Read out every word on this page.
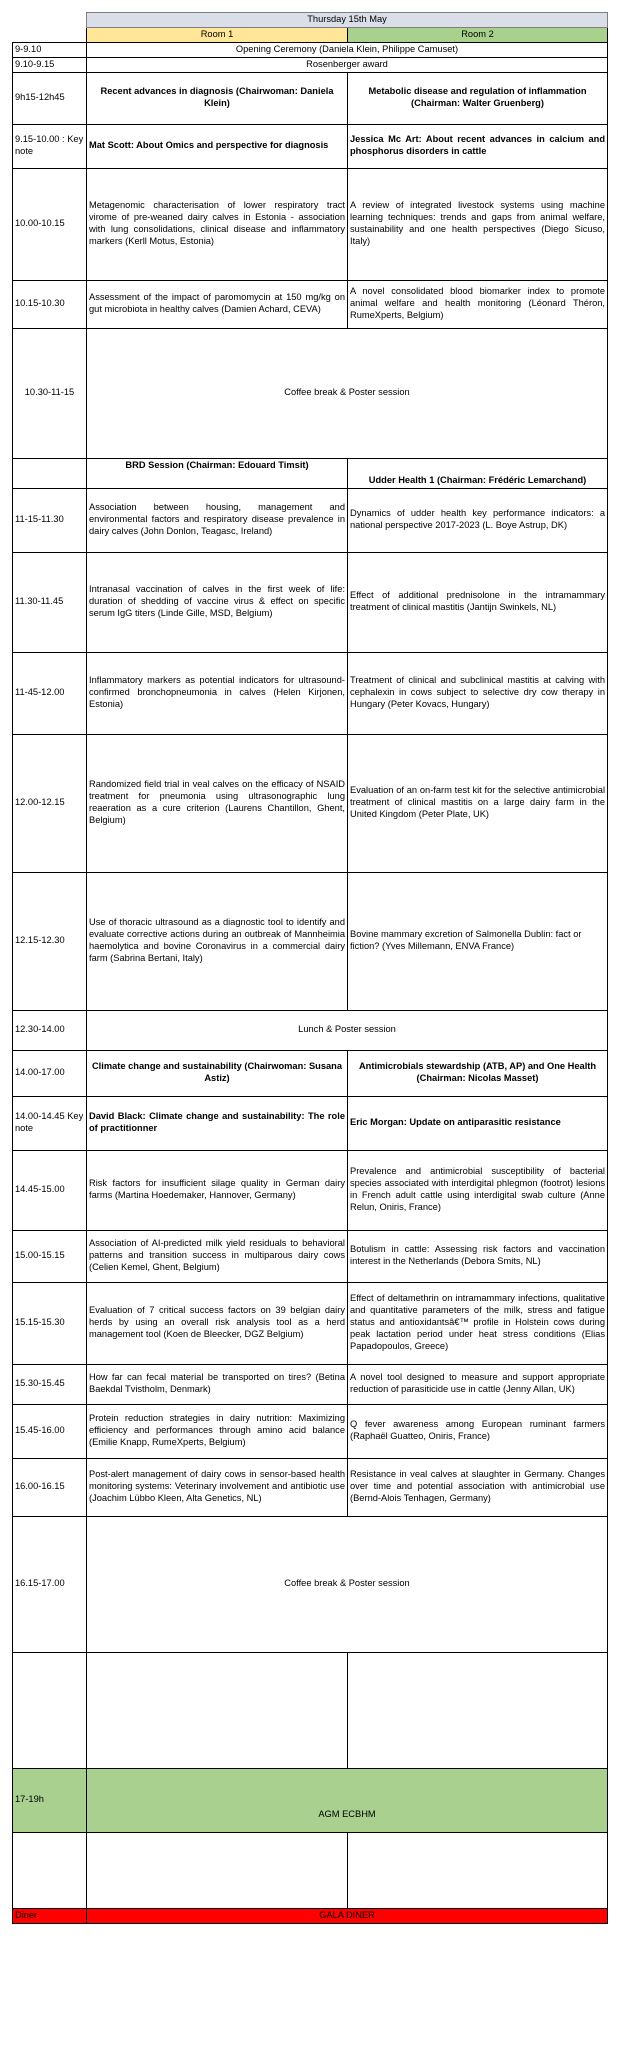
	Thursday 15th May	
	Room 1	Room 2
9-9.10	Opening Ceremony (Daniela Klein, Philippe Camuset)	
9.10-9.15	Rosenberger award	
9h15-12h45	Recent advances in diagnosis (Chairwoman: Daniela Klein)	Metabolic disease and regulation of inflammation (Chairman: Walter Gruenberg)
9.15-10.00 : Key note	Mat Scott: About Omics and perspective for diagnosis	Jessica Mc Art: About recent advances in calcium and phosphorus disorders in cattle
10.00-10.15	Metagenomic characterisation of lower respiratory tract virome of pre-weaned dairy calves in Estonia - association with lung consolidations, clinical disease and inflammatory markers (Kerll Motus, Estonia)	A review of integrated livestock systems using machine learning techniques: trends and gaps from animal welfare, sustainability and one health perspectives (Diego Sicuso, Italy)
10.15-10.30	Assessment of the impact of paromomycin at 150 mg/kg on gut microbiota in healthy calves (Damien Achard, CEVA)	A novel consolidated blood biomarker index to promote animal welfare and health monitoring (Léonard Théron, RumeXperts, Belgium)
10.30-11-15	Coffee break & Poster session	
	BRD Session (Chairman: Edouard Timsit)	Udder Health 1 (Chairman: Frédéric Lemarchand)
11-15-11.30	Association between housing, management and environmental factors and respiratory disease prevalence in dairy calves (John Donlon, Teagasc, Ireland)	Dynamics of udder health key performance indicators: a national perspective 2017-2023 (L. Boye Astrup, DK)
11.30-11.45	Intranasal vaccination of calves in the first week of life: duration of shedding of vaccine virus & effect on specific serum IgG titers (Linde Gille, MSD, Belgium)	Effect of additional prednisolone in the intramammary treatment of clinical mastitis (Jantijn Swinkels, NL)
11-45-12.00	Inflammatory markers as potential indicators for ultrasound-confirmed bronchopneumonia in calves (Helen Kirjonen, Estonia)	Treatment of clinical and subclinical mastitis at calving with cephalexin in cows subject to selective dry cow therapy in Hungary (Peter Kovacs, Hungary)
12.00-12.15	Randomized field trial in veal calves on the efficacy of NSAID treatment for pneumonia using ultrasonographic lung reaeration as a cure criterion (Laurens Chantillon, Ghent, Belgium)	Evaluation of an on-farm test kit for the selective antimicrobial treatment of clinical mastitis on a large dairy farm in the United Kingdom (Peter Plate, UK)
12.15-12.30	Use of thoracic ultrasound as a diagnostic tool to identify and evaluate corrective actions during an outbreak of Mannheimia haemolytica and bovine Coronavirus in a commercial dairy farm (Sabrina Bertani, Italy)	Bovine mammary excretion of Salmonella Dublin: fact or fiction? (Yves Millemann, ENVA France)
12.30-14.00	Lunch & Poster session	
14.00-17.00	Climate change and sustainability (Chairwoman: Susana Astiz)	Antimicrobials stewardship (ATB, AP) and One Health (Chairman: Nicolas Masset)
14.00-14.45 Key note	David Black: Climate change and sustainability: The role of practitionner	Eric Morgan: Update on antiparasitic resistance
14.45-15.00	Risk factors for insufficient silage quality in German dairy farms (Martina Hoedemaker, Hannover, Germany)	Prevalence and antimicrobial susceptibility of bacterial species associated with interdigital phlegmon (footrot) lesions in French adult cattle using interdigital swab culture (Anne Relun, Oniris, France)
15.00-15.15	Association of AI-predicted milk yield residuals to behavioral patterns and transition success in multiparous dairy cows (Celien Kemel, Ghent, Belgium)	Botulism in cattle: Assessing risk factors and vaccination interest in the Netherlands (Debora Smits, NL)
15.15-15.30	Evaluation of 7 critical success factors on 39 belgian dairy herds by using an overall risk analysis tool as a herd management tool (Koen de Bleecker, DGZ Belgium)	Effect of deltamethrin on intramammary infections, qualitative and quantitative parameters of the milk, stress and fatigue status and antioxidantsâ€™ profile in Holstein cows during peak lactation period under heat stress conditions (Elias Papadopoulos, Greece)
15.30-15.45	How far can fecal material be transported on tires? (Betina Baekdal Tvistholm, Denmark)	A novel tool designed to measure and support appropriate reduction of parasiticide use in cattle (Jenny Allan, UK)
15.45-16.00	Protein reduction strategies in dairy nutrition: Maximizing efficiency and performances through amino acid balance (Emilie Knapp, RumeXperts, Belgium)	Q fever awareness among European ruminant farmers (Raphaël Guatteo, Oniris, France)
16.00-16.15	Post-alert management of dairy cows in sensor-based health monitoring systems: Veterinary involvement and antibiotic use (Joachim Lübbo Kleen, Alta Genetics, NL)	Resistance in veal calves at slaughter in Germany. Changes over time and potential association with antimicrobial use (Bernd-Alois Tenhagen, Germany)
16.15-17.00	Coffee break & Poster session	

17-19h	AGM ECBHM	

Diner	GALA DINER	
